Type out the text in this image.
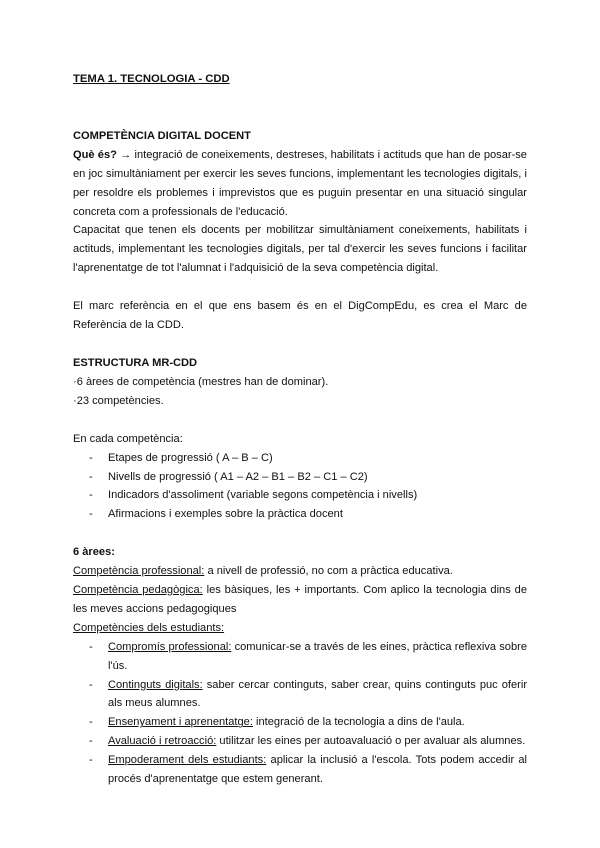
TEMA 1. TECNOLOGIA - CDD

COMPETÈNCIA DIGITAL DOCENT

Què és? → integració de coneixements, destreses, habilitats i actituds que han de posar-se en joc simultàniament per exercir les seves funcions, implementant les tecnologies digitals, i per resoldre els problemes i imprevistos que es puguin presentar en una situació singular concreta com a professionals de l'educació.

Capacitat que tenen els docents per mobilitzar simultàniament coneixements, habilitats i actituds, implementant les tecnologies digitals, per tal d'exercir les seves funcions i facilitar l'aprenentatge de tot l'alumnat i l'adquisició de la seva competència digital.

El marc referència en el que ens basem és en el DigCompEdu, es crea el Marc de Referència de la CDD.

ESTRUCTURA MR-CDD

·6 àrees de competència (mestres han de dominar).

·23 competències.

En cada competència:

- Etapes de progressió ( A – B – C)
- Nivells de progressió ( A1 – A2 – B1 – B2 – C1 – C2)
- Indicadors d'assoliment (variable segons competència i nivells)
- Afirmacions i exemples sobre la pràctica docent

6 àrees:

Competència professional: a nivell de professió, no com a pràctica educativa.

Competència pedagògica: les bàsiques, les + importants. Com aplico la tecnologia dins de les meves accions pedagogiques

Competències dels estudiants:

- Compromís professional: comunicar-se a través de les eines, pràctica reflexiva sobre l'ús.
- Continguts digitals: saber cercar continguts, saber crear, quins continguts puc oferir als meus alumnes.
- Ensenyament i aprenentatge: integració de la tecnologia a dins de l'aula.
- Avaluació i retroacció: utilitzar les eines per autoavaluació o per avaluar als alumnes.
- Empoderament dels estudiants: aplicar la inclusió a l'escola. Tots podem accedir al procés d'aprenentatge que estem generant.
